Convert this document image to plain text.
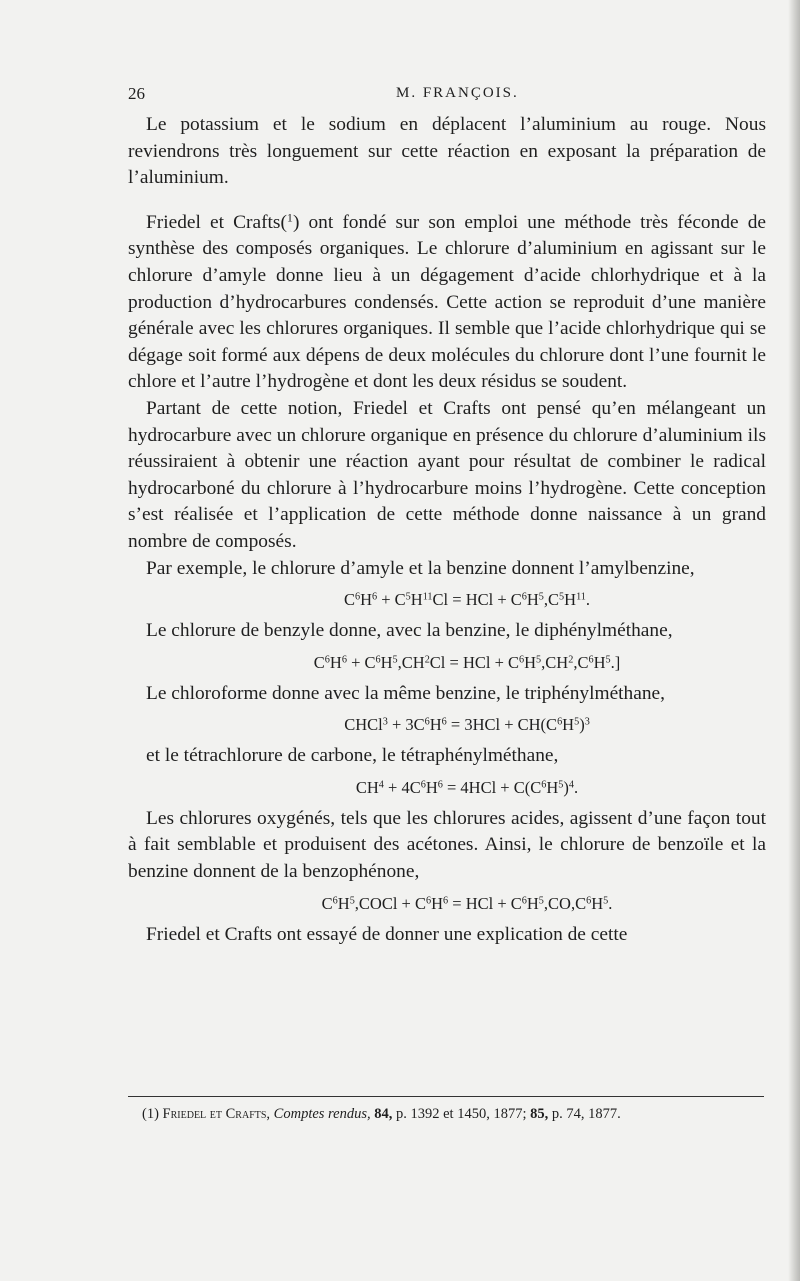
26	M. FRANÇOIS.

Le potassium et le sodium en déplacent l’aluminium au rouge. Nous reviendrons très longuement sur cette réaction en exposant la préparation de l’aluminium.

Friedel et Crafts($^1$) ont fondé sur son emploi une méthode très féconde de synthèse des composés organiques. Le chlorure d’aluminium en agissant sur le chlorure d’amyle donne lieu à un dégagement d’acide chlorhydrique et à la production d’hydrocarbures condensés. Cette action se reproduit d’une manière générale avec les chlorures organiques. Il semble que l’acide chlorhydrique qui se dégage soit formé aux dépens de deux molécules du chlorure dont l’une fournit le chlore et l’autre l’hydrogène et dont les deux résidus se soudent.

Partant de cette notion, Friedel et Crafts ont pensé qu’en mélangeant un hydrocarbure avec un chlorure organique en présence du chlorure d’aluminium ils réussiraient à obtenir une réaction ayant pour résultat de combiner le radical hydrocarboné du chlorure à l’hydrocarbure moins l’hydrogène. Cette conception s’est réalisée et l’application de cette méthode donne naissance à un grand nombre de composés.

Par exemple, le chlorure d’amyle et la benzine donnent l’amylbenzine,

$C^6H^6 + C^5H^{11}Cl$ = HCl + $C^6H^5,C^5H^{11}$.

Le chlorure de benzyle donne, avec la benzine, le diphénylméthane,

$C^6H^6 + C^6H^5,CH^2Cl$ = HCl + $C^6H^5,CH^2,C^6H^5$.]

Le chloroforme donne avec la même benzine, le triphénylméthane,

CHCl$^3$ + $3C^6H^6 = 3HCl + CH(C^6H^5)^3$

et le tétrachlorure de carbone, le tétraphénylméthane,

$CH^4 + 4C^6H^6 = 4HCl + C(C^6H^5)^4$.

Les chlorures oxygénés, tels que les chlorures acides, agissent d’une façon tout à fait semblable et produisent des acétones. Ainsi, le chlorure de benzoïle et la benzine donnent de la benzophénone,

$C^6H^5,COCl + C^6H^6$ = HCl + $C^6H^5,CO,C^6H^5$.

Friedel et Crafts ont essayé de donner une explication de cette

(1) Friedel et Crafts, Comptes rendus, 84, p. 1392 et 1450, 1877; 85, p. 74, 1877.
